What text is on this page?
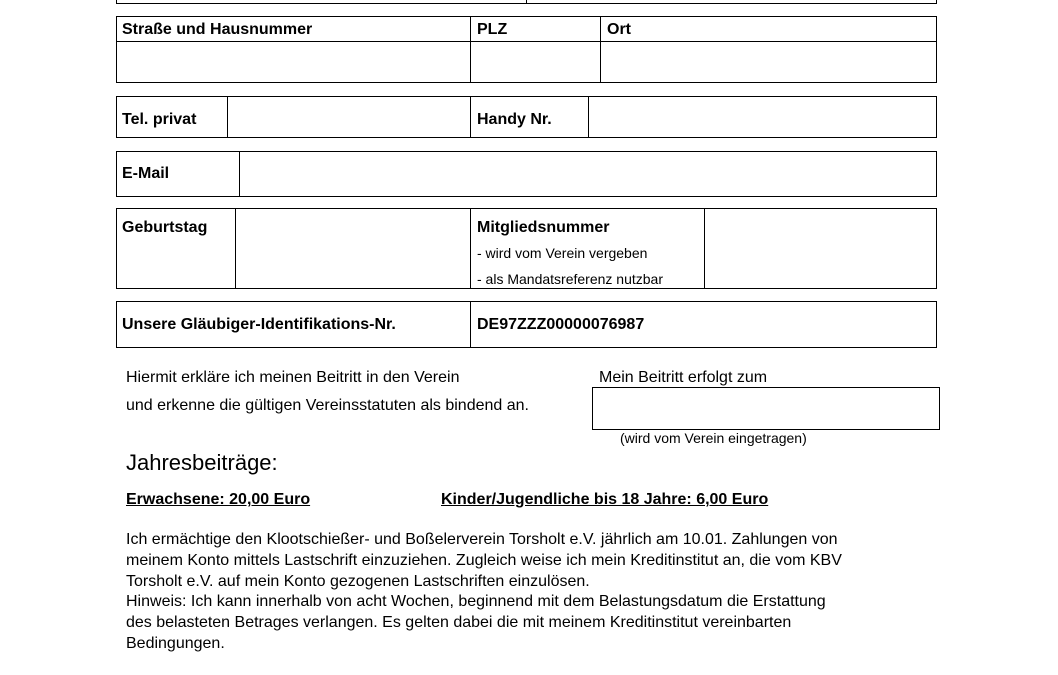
Straße und Hausnummer	PLZ	Ort
Tel. privat	Handy Nr.
E-Mail
Geburtstag	Mitgliedsnummer
- wird vom Verein vergeben
- als Mandatsreferenz nutzbar
Unsere Gläubiger-Identifikations-Nr.	DE97ZZZ00000076987
Hiermit erkläre ich meinen Beitritt in den Verein
und erkenne die gültigen Vereinsstatuten als bindend an.
Mein Beitritt erfolgt zum
(wird vom Verein eingetragen)
Jahresbeiträge:
Erwachsene: 20,00 Euro	Kinder/Jugendliche bis 18 Jahre: 6,00 Euro
Ich ermächtige den Klootschießer- und Boßelerverein Torsholt e.V. jährlich am 10.01. Zahlungen von
meinem Konto mittels Lastschrift einzuziehen. Zugleich weise ich mein Kreditinstitut an, die vom KBV
Torsholt e.V. auf mein Konto gezogenen Lastschriften einzulösen.
Hinweis: Ich kann innerhalb von acht Wochen, beginnend mit dem Belastungsdatum die Erstattung
des belasteten Betrages verlangen. Es gelten dabei die mit meinem Kreditinstitut vereinbarten
Bedingungen.
